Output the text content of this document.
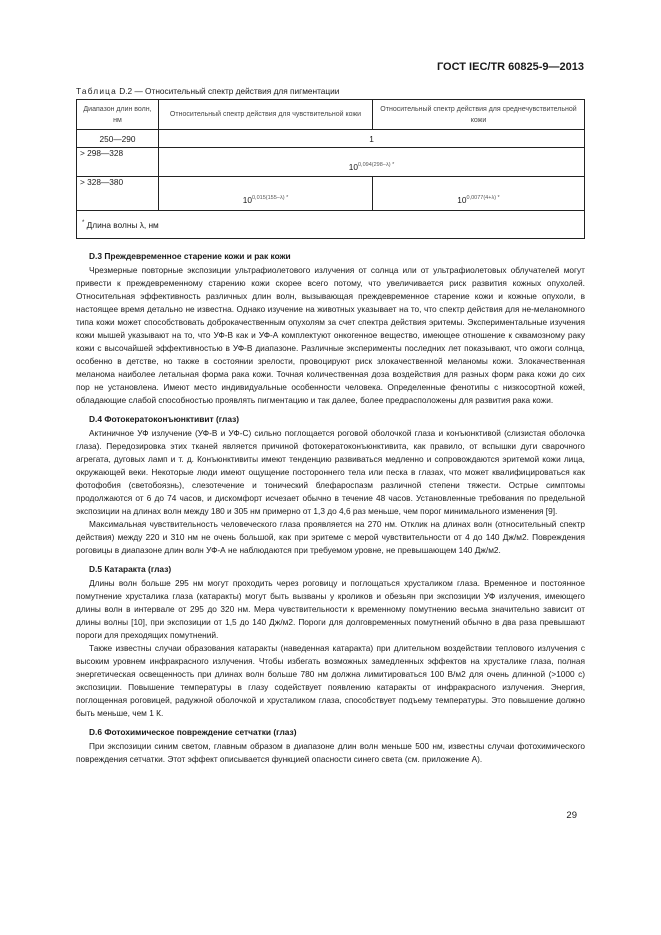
ГОСТ IEC/TR 60825-9—2013
Таблица D.2 — Относительный спектр действия для пигментации
Диапазон длин волн, нм	Относительный спектр действия для чувствительной кожи	Относительный спектр действия для среднечувствительной кожи
250—290	1	
> 298—328	$10^{0,094(298-\lambda) *}$
> 328—380	$10^{0,015(155-\lambda) *}$	$10^{0,0077(4+\lambda) *}$
* Длина волны λ, нм		
D.3 Преждевременное старение кожи и рак кожи

Чрезмерные повторные экспозиции ультрафиолетового излучения от солнца или от ультрафиолетовых облучателей могут привести к преждевременному старению кожи скорее всего потому, что увеличивается риск развития кожных опухолей. Относительная эффективность различных длин волн, вызывающая преждевременное старение кожи и кожные опухоли, в настоящее время детально не известна. Однако изучение на животных указывает на то, что спектр действия для не-меланомного типа кожи может способствовать доброкачественным опухолям за счет спектра действия эритемы. Экспериментальные изучения кожи мышей указывают на то, что УФ-В как и УФ-А комплектуют онкогенное вещество, имеющее отношение к сквамозному раку кожи с высочайшей эффективностью в УФ-В диапазоне. Различные эксперименты последних лет показывают, что ожоги солнца, особенно в детстве, но также в состоянии зрелости, провоцируют риск злокачественной меланомы кожи. Злокачественная меланома наиболее летальная форма рака кожи. Точная количественная доза воздействия для разных форм рака кожи до сих пор не установлена. Имеют место индивидуальные особенности человека. Определенные фенотипы с низкосортной кожей, обладающие слабой способностью проявлять пигментацию и так далее, более предрасположены для развития рака кожи.

D.4 Фотокератоконъюнктивит (глаз)

Актиничное УФ излучение (УФ-В и УФ-С) сильно поглощается роговой оболочкой глаза и конъюнктивой (слизистая оболочка глаза). Передозировка этих тканей является причиной фотокератоконъюнктивита, как правило, от вспышки дуги сварочного агрегата, дуговых ламп и т. д. Конъюнктивиты имеют тенденцию развиваться медленно и сопровождаются эритемой кожи лица, окружающей веки. Некоторые люди имеют ощущение постороннего тела или песка в глазах, что может квалифицироваться как фотофобия (светобоязнь), слезотечение и тонический блефароспазм различной степени тяжести. Острые симптомы продолжаются от 6 до 74 часов, и дискомфорт исчезает обычно в течение 48 часов. Установленные требования по предельной экспозиции на длинах волн между 180 и 305 нм примерно от 1,3 до 4,6 раз меньше, чем порог минимального изменения [9].

Максимальная чувствительность человеческого глаза проявляется на 270 нм. Отклик на длинах волн (относительный спектр действия) между 220 и 310 нм не очень большой, как при эритеме с мерой чувствительности от 4 до 140 Дж/м2. Повреждения роговицы в диапазоне длин волн УФ-А не наблюдаются при требуемом уровне, не превышающем 140 Дж/м2.

D.5 Катаракта (глаз)

Длины волн больше 295 нм могут проходить через роговицу и поглощаться хрусталиком глаза. Временное и постоянное помутнение хрусталика глаза (катаракты) могут быть вызваны у кроликов и обезьян при экспозиции УФ излучения, имеющего длины волн в интервале от 295 до 320 нм. Мера чувствительности к временному помутнению весьма значительно зависит от длины волны [10], при экспозиции от 1,5 до 140 Дж/м2. Пороги для долговременных помутнений обычно в два раза превышают пороги для преходящих помутнений.

Также известны случаи образования катаракты (наведенная катаракта) при длительном воздействии теплового излучения с высоким уровнем инфракрасного излучения. Чтобы избегать возможных замедленных эффектов на хрусталике глаза, полная энергетическая освещенность при длинах волн больше 780 нм должна лимитироваться 100 В/м2 для очень длинной (>1000 с) экспозиции. Повышение температуры в глазу содействует появлению катаракты от инфракрасного излучения. Энергия, поглощенная роговицей, радужной оболочкой и хрусталиком глаза, способствует подъему температуры. Это повышение должно быть меньше, чем 1 К.

D.6 Фотохимическое повреждение сетчатки (глаз)

При экспозиции синим светом, главным образом в диапазоне длин волн меньше 500 нм, известны случаи фотохимического повреждения сетчатки. Этот эффект описывается функцией опасности синего света (см. приложение А).

29
